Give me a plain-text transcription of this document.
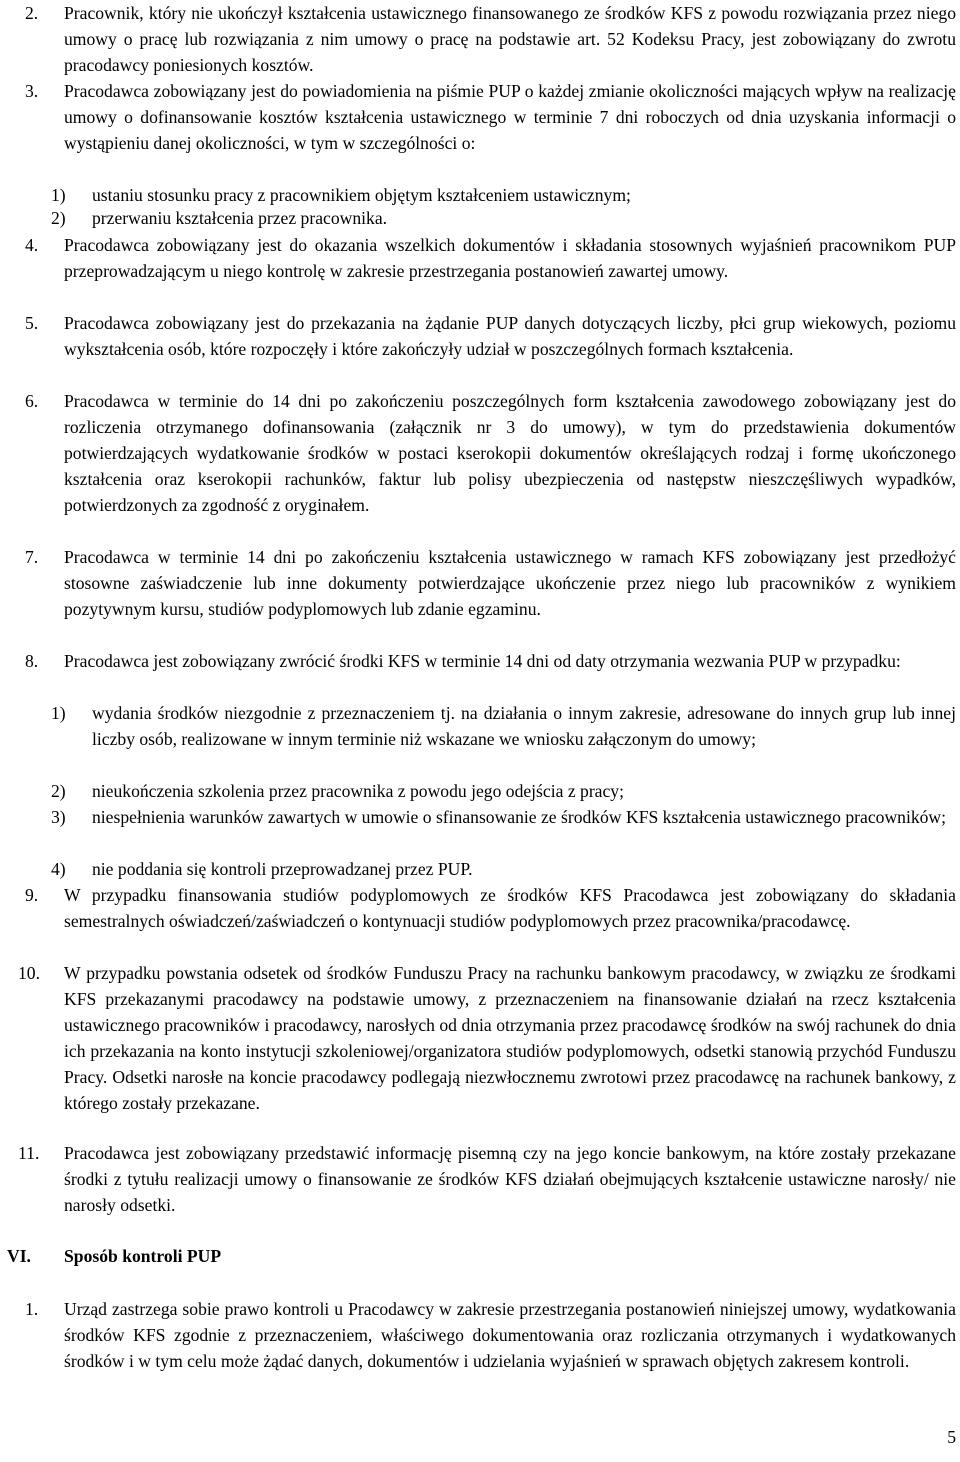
2. Pracownik, który nie ukończył kształcenia ustawicznego finansowanego ze środków KFS z powodu rozwiązania przez niego umowy o pracę lub rozwiązania z nim umowy o pracę na podstawie art. 52 Kodeksu Pracy, jest zobowiązany do zwrotu pracodawcy poniesionych kosztów.
3. Pracodawca zobowiązany jest do powiadomienia na piśmie PUP o każdej zmianie okoliczności mających wpływ na realizację umowy o dofinansowanie kosztów kształcenia ustawicznego w terminie 7 dni roboczych od dnia uzyskania informacji o wystąpieniu danej okoliczności, w tym w szczególności o:
1) ustaniu stosunku pracy z pracownikiem objętym kształceniem ustawicznym;
2) przerwaniu kształcenia przez pracownika.
4. Pracodawca zobowiązany jest do okazania wszelkich dokumentów i składania stosownych wyjaśnień pracownikom PUP przeprowadzającym u niego kontrolę w zakresie przestrzegania postanowień zawartej umowy.
5. Pracodawca zobowiązany jest do przekazania na żądanie PUP danych dotyczących liczby, płci grup wiekowych, poziomu wykształcenia osób, które rozpoczęły i które zakończyły udział w poszczególnych formach kształcenia.
6. Pracodawca w terminie do 14 dni po zakończeniu poszczególnych form kształcenia zawodowego zobowiązany jest do rozliczenia otrzymanego dofinansowania (załącznik nr 3 do umowy), w tym do przedstawienia dokumentów potwierdzających wydatkowanie środków w postaci kserokopii dokumentów określających rodzaj i formę ukończonego kształcenia oraz kserokopii rachunków, faktur lub polisy ubezpieczenia od następstw nieszczęśliwych wypadków, potwierdzonych za zgodność z oryginałem.
7. Pracodawca w terminie 14 dni po zakończeniu kształcenia ustawicznego w ramach KFS zobowiązany jest przedłożyć stosowne zaświadczenie lub inne dokumenty potwierdzające ukończenie przez niego lub pracowników z wynikiem pozytywnym kursu, studiów podyplomowych lub zdanie egzaminu.
8. Pracodawca jest zobowiązany zwrócić środki KFS w terminie 14 dni od daty otrzymania wezwania PUP w przypadku:
1) wydania środków niezgodnie z przeznaczeniem tj. na działania o innym zakresie, adresowane do innych grup lub innej liczby osób, realizowane w innym terminie niż wskazane we wniosku załączonym do umowy;
2) nieukończenia szkolenia przez pracownika z powodu jego odejścia z pracy;
3) niespełnienia warunków zawartych w umowie o sfinansowanie ze środków KFS kształcenia ustawicznego pracowników;
4) nie poddania się kontroli przeprowadzanej przez PUP.
9. W przypadku finansowania studiów podyplomowych ze środków KFS Pracodawca jest zobowiązany do składania semestralnych oświadczeń/zaświadczeń o kontynuacji studiów podyplomowych przez pracownika/pracodawcę.
10. W przypadku powstania odsetek od środków Funduszu Pracy na rachunku bankowym pracodawcy, w związku ze środkami KFS przekazanymi pracodawcy na podstawie umowy, z przeznaczeniem na finansowanie działań na rzecz kształcenia ustawicznego pracowników i pracodawcy, narosłych od dnia otrzymania przez pracodawcę środków na swój rachunek do dnia ich przekazania na konto instytucji szkoleniowej/organizatora studiów podyplomowych, odsetki stanowią przychód Funduszu Pracy. Odsetki narosłe na koncie pracodawcy podlegają niezwłocznemu zwrotowi przez pracodawcę na rachunek bankowy, z którego zostały przekazane.
11. Pracodawca jest zobowiązany przedstawić informację pisemną czy na jego koncie bankowym, na które zostały przekazane środki z tytułu realizacji umowy o finansowanie ze środków KFS działań obejmujących kształcenie ustawiczne narosły/ nie narosły odsetki.
VI. Sposób kontroli PUP
1. Urząd zastrzega sobie prawo kontroli u Pracodawcy w zakresie przestrzegania postanowień niniejszej umowy, wydatkowania środków KFS zgodnie z przeznaczeniem, właściwego dokumentowania oraz rozliczania otrzymanych i wydatkowanych środków i w tym celu może żądać danych, dokumentów i udzielania wyjaśnień w sprawach objętych zakresem kontroli.
5
